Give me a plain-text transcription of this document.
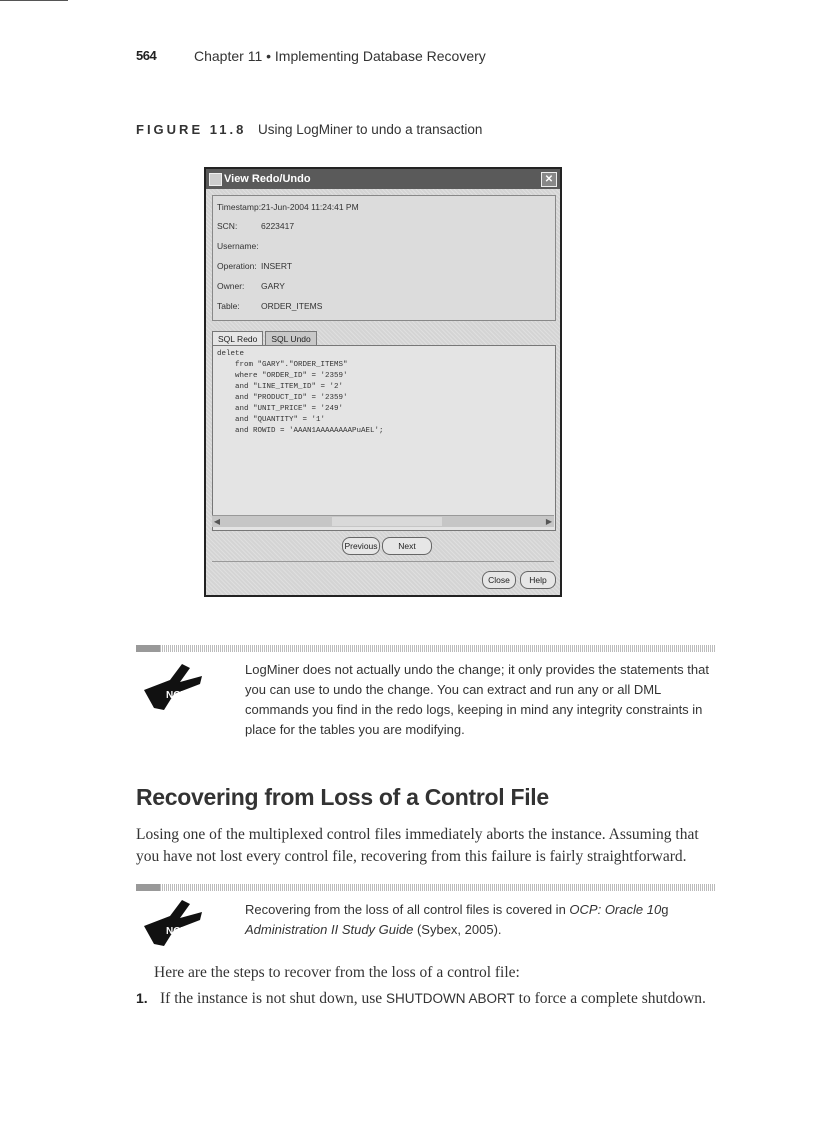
564	Chapter 11 • Implementing Database Recovery
FIGURE 11.8 Using LogMiner to undo a transaction
View Redo/Undo	✕
Timestamp:21-Jun-2004 11:24:41 PM
SCN:	6223417
Username:
Operation: INSERT
Owner: GARY
Table:	ORDER_ITEMS
SQL Redo SQL Undo
delete
from "GARY"."ORDER_ITEMS"
where "ORDER_ID" = '2359'
and "LINE_ITEM_ID" = '2'
and "PRODUCT_ID" = '2359'
and "UNIT_PRICE" = '249'
and "QUANTITY" = '1'
and ROWID = 'AAAN1AAAAAAAAPuAEL';
◀	▶
Previous	Next
Close	Help
NOTE
LogMiner does not actually undo the change; it only provides the statements that you can use to undo the change. You can extract and run any or all DML commands you find in the redo logs, keeping in mind any integrity constraints in place for the tables you are modifying.
Recovering from Loss of a Control File
Losing one of the multiplexed control files immediately aborts the instance. Assuming that you have not lost every control file, recovering from this failure is fairly straightforward.
NOTE
Recovering from the loss of all control files is covered in OCP: Oracle 10g
Administration II Study Guide (Sybex, 2005).
Here are the steps to recover from the loss of a control file:
1. If the instance is not shut down, use SHUTDOWN ABORT to force a complete shutdown.
